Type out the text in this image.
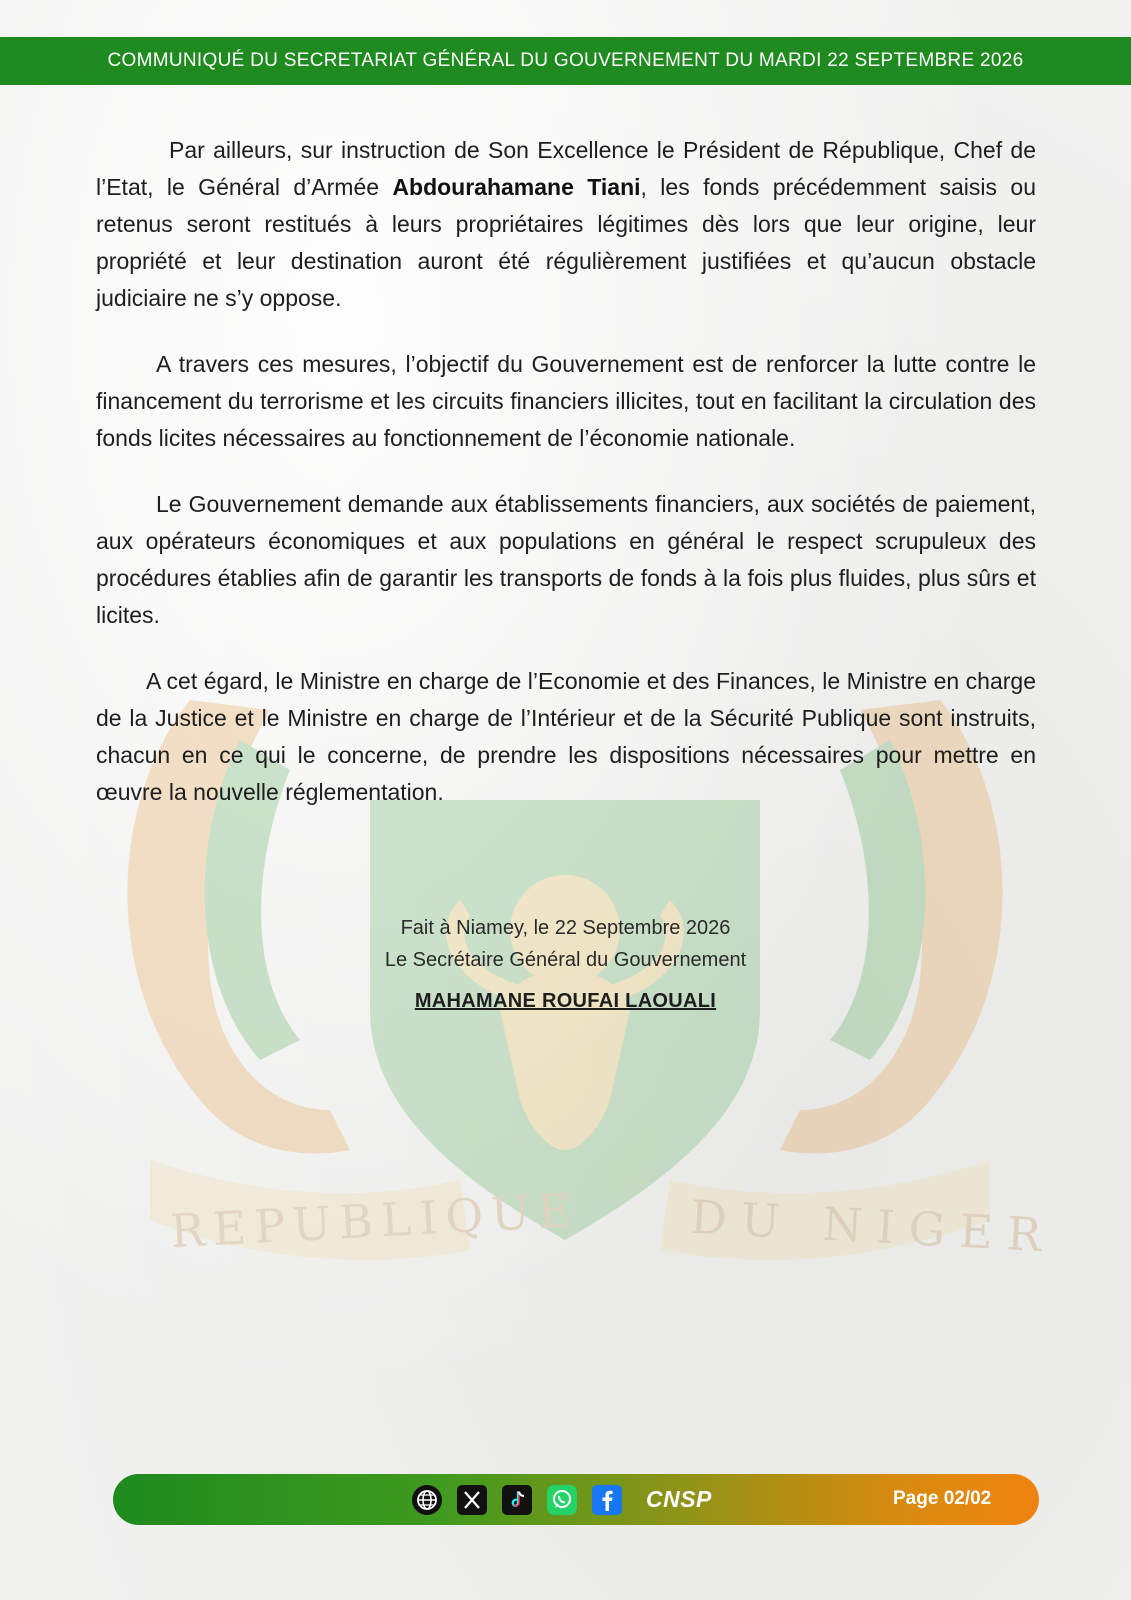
COMMUNIQUÉ DU SECRETARIAT GÉNÉRAL DU GOUVERNEMENT DU MARDI 22 SEPTEMBRE 2026
REPUBLIQUE DU NIGER

Par ailleurs, sur instruction de Son Excellence le Président de République, Chef de l’Etat, le Général d’Armée Abdourahamane Tiani, les fonds précédemment saisis ou retenus seront restitués à leurs propriétaires légitimes dès lors que leur origine, leur propriété et leur destination auront été régulièrement justifiées et qu’aucun obstacle judiciaire ne s’y oppose.

A travers ces mesures, l’objectif du Gouvernement est de renforcer la lutte contre le financement du terrorisme et les circuits financiers illicites, tout en facilitant la circulation des fonds licites nécessaires au fonctionnement de l’économie nationale.

Le Gouvernement demande aux établissements financiers, aux sociétés de paiement, aux opérateurs économiques et aux populations en général le respect scrupuleux des procédures établies afin de garantir les transports de fonds à la fois plus fluides, plus sûrs et licites.

A cet égard, le Ministre en charge de l’Economie et des Finances, le Ministre en charge de la Justice et le Ministre en charge de l’Intérieur et de la Sécurité Publique sont instruits, chacun en ce qui le concerne, de prendre les dispositions nécessaires pour mettre en œuvre la nouvelle réglementation.

Fait à Niamey, le 22 Septembre 2026
Le Secrétaire Général du Gouvernement
MAHAMANE ROUFAI LAOUALI
CNSP	Page 02/02
